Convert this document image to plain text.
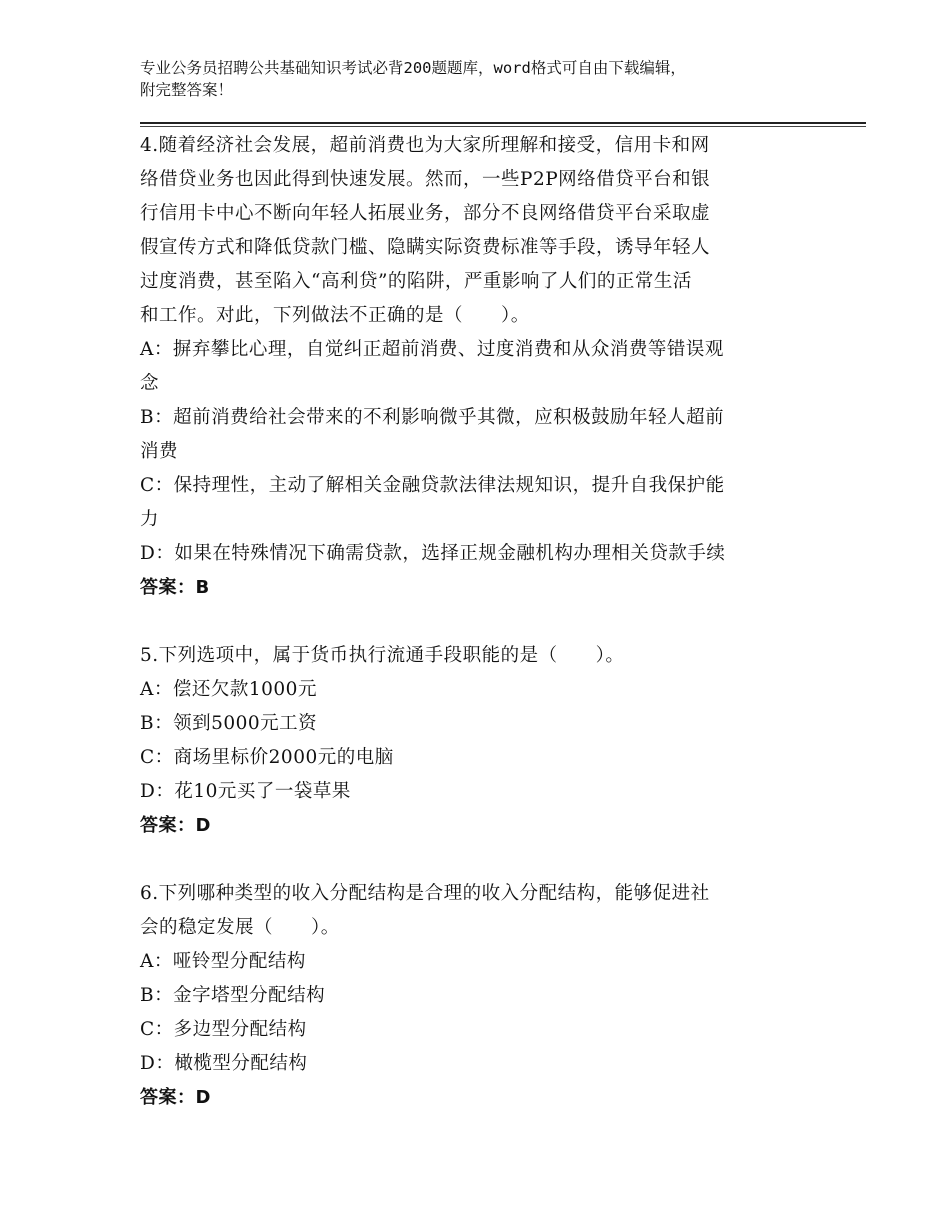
专业公务员招聘公共基础知识考试必背200题题库，word格式可自由下载编辑，
附完整答案！
4.随着经济社会发展，超前消费也为大家所理解和接受，信用卡和网
络借贷业务也因此得到快速发展。然而，一些P2P网络借贷平台和银
行信用卡中心不断向年轻人拓展业务，部分不良网络借贷平台采取虚
假宣传方式和降低贷款门槛、隐瞒实际资费标准等手段，诱导年轻人
过度消费，甚至陷入“高利贷”的陷阱，严重影响了人们的正常生活
和工作。对此，下列做法不正确的是（　　）。
A：摒弃攀比心理，自觉纠正超前消费、过度消费和从众消费等错误观
念
B：超前消费给社会带来的不利影响微乎其微，应积极鼓励年轻人超前
消费
C：保持理性，主动了解相关金融贷款法律法规知识，提升自我保护能
力
D：如果在特殊情况下确需贷款，选择正规金融机构办理相关贷款手续
答案：B
5.下列选项中，属于货币执行流通手段职能的是（　　）。
A：偿还欠款1000元
B：领到5000元工资
C：商场里标价2000元的电脑
D：花10元买了一袋草果
答案：D
6.下列哪种类型的收入分配结构是合理的收入分配结构，能够促进社
会的稳定发展（　　）。
A：哑铃型分配结构
B：金字塔型分配结构
C：多边型分配结构
D：橄榄型分配结构
答案：D
